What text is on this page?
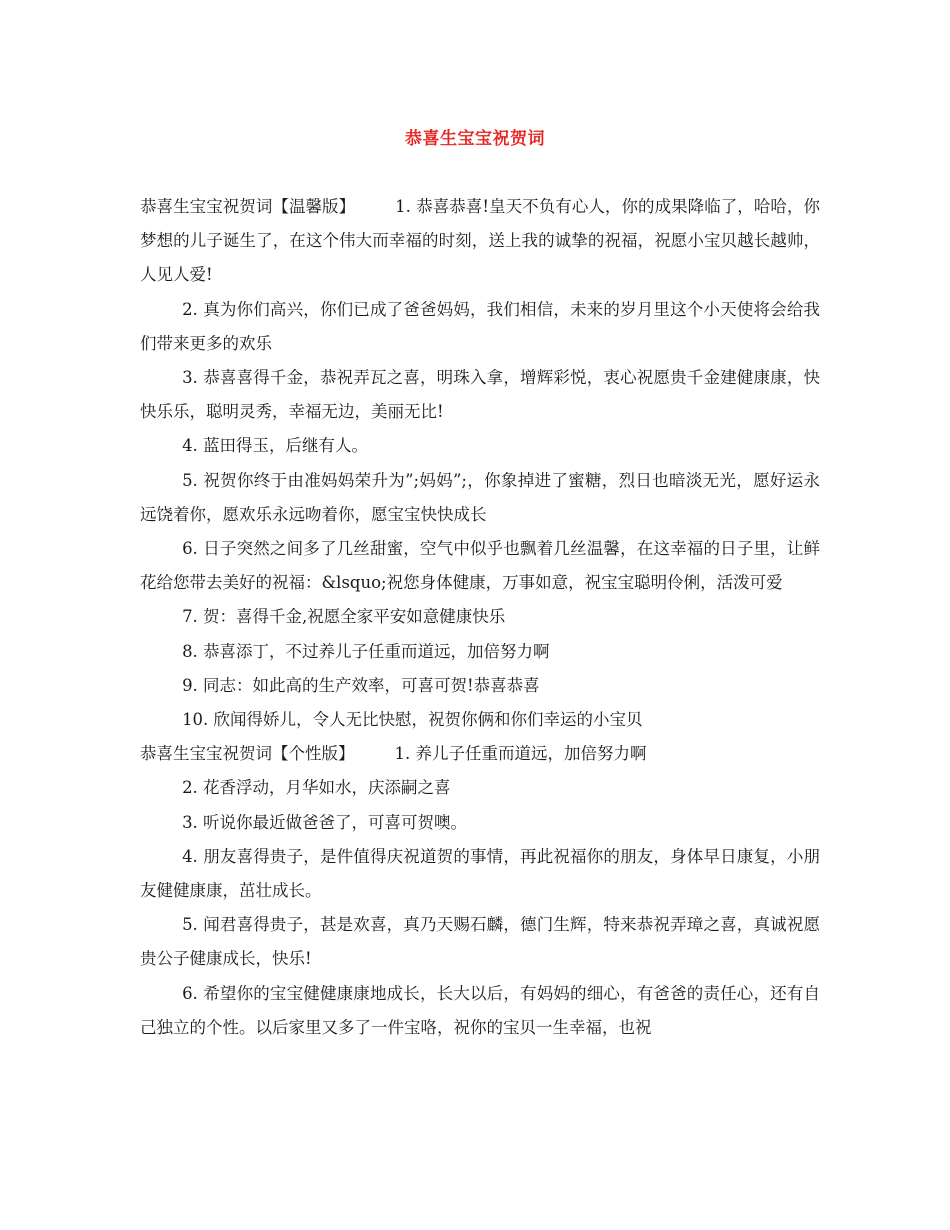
恭喜生宝宝祝贺词

恭喜生宝宝祝贺词【温馨版】 1. 恭喜恭喜!皇天不负有心人，你的成果降临了，哈哈，你梦想的儿子诞生了，在这个伟大而幸福的时刻，送上我的诚挚的祝福，祝愿小宝贝越长越帅，人见人爱!

2. 真为你们高兴，你们已成了爸爸妈妈，我们相信，未来的岁月里这个小天使将会给我们带来更多的欢乐

3. 恭喜喜得千金，恭祝弄瓦之喜，明珠入拿，增辉彩悦，衷心祝愿贵千金建健康康，快快乐乐，聪明灵秀，幸福无边，美丽无比!

4. 蓝田得玉，后继有人。

5. 祝贺你终于由准妈妈荣升为”;妈妈”;，你象掉进了蜜糖，烈日也暗淡无光，愿好运永远饶着你，愿欢乐永远吻着你，愿宝宝快快成长

6. 日子突然之间多了几丝甜蜜，空气中似乎也飘着几丝温馨，在这幸福的日子里，让鲜花给您带去美好的祝福：&lsquo;祝您身体健康，万事如意，祝宝宝聪明伶俐，活泼可爱

7. 贺：喜得千金,祝愿全家平安如意健康快乐

8. 恭喜添丁，不过养儿子任重而道远，加倍努力啊

9. 同志：如此高的生产效率，可喜可贺!恭喜恭喜

10. 欣闻得娇儿，令人无比快慰，祝贺你俩和你们幸运的小宝贝

恭喜生宝宝祝贺词【个性版】 1. 养儿子任重而道远，加倍努力啊

2. 花香浮动，月华如水，庆添嗣之喜

3. 听说你最近做爸爸了，可喜可贺噢。

4. 朋友喜得贵子，是件值得庆祝道贺的事情，再此祝福你的朋友，身体早日康复，小朋友健健康康，茁壮成长。

5. 闻君喜得贵子，甚是欢喜，真乃天赐石麟，德门生辉，特来恭祝弄璋之喜，真诚祝愿贵公子健康成长，快乐!

6. 希望你的宝宝健健康康地成长，长大以后，有妈妈的细心，有爸爸的责任心，还有自己独立的个性。以后家里又多了一件宝咯，祝你的宝贝一生幸福，也祝
